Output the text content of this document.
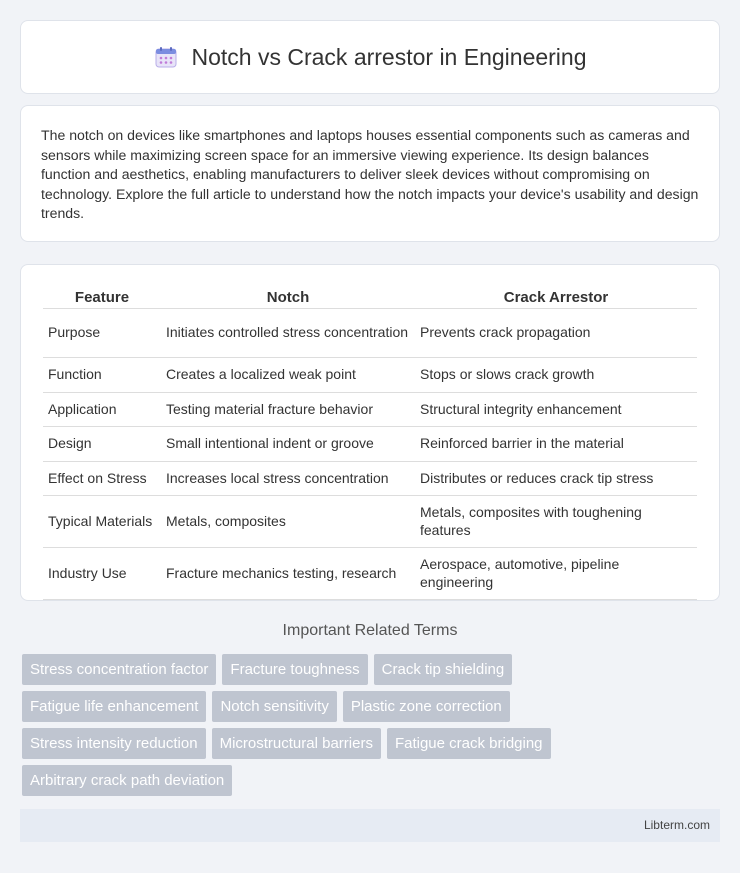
Notch vs Crack arrestor in Engineering

The notch on devices like smartphones and laptops houses essential components such as cameras and sensors while maximizing screen space for an immersive viewing experience. Its design balances function and aesthetics, enabling manufacturers to deliver sleek devices without compromising on technology. Explore the full article to understand how the notch impacts your device's usability and design trends.

Feature	Notch	Crack Arrestor
Purpose	Initiates controlled stress concentration	Prevents crack propagation
Function	Creates a localized weak point	Stops or slows crack growth
Application	Testing material fracture behavior	Structural integrity enhancement
Design	Small intentional indent or groove	Reinforced barrier in the material
Effect on Stress	Increases local stress concentration	Distributes or reduces crack tip stress
Typical Materials	Metals, composites	Metals, composites with toughening features
Industry Use	Fracture mechanics testing, research	Aerospace, automotive, pipeline engineering
Important Related Terms
Stress concentration factor	Fracture toughness	Crack tip shielding
Fatigue life enhancement	Notch sensitivity	Plastic zone correction
Stress intensity reduction	Microstructural barriers	Fatigue crack bridging
Arbitrary crack path deviation
Libterm.com
